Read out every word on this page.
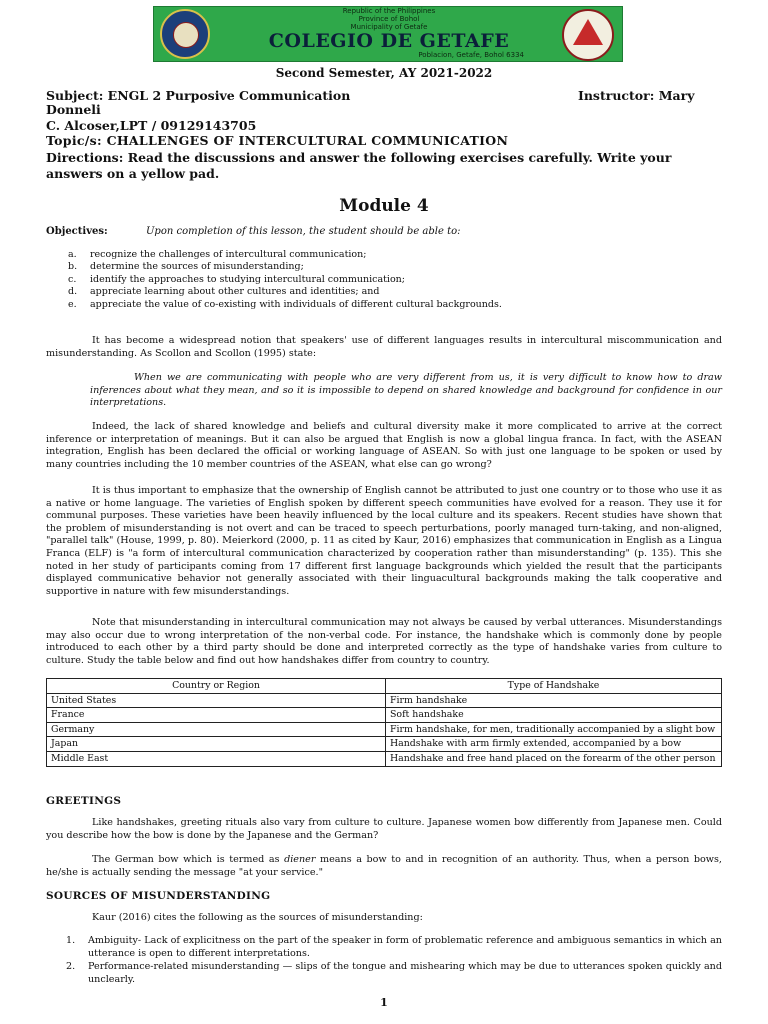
Republic of the Philippines
Province of Bohol
Municipality of Getafe
COLEGIO DE GETAFE
Poblacion, Getafe, Bohol 6334
Second Semester, AY 2021-2022
Subject: ENGL 2 Purposive Communication	Instructor: Mary
Donneli
C. Alcoser,LPT / 09129143705
Topic/s: CHALLENGES OF INTERCULTURAL COMMUNICATION
Directions: Read the discussions and answer the following exercises carefully. Write your answers on a yellow pad.
Module 4
Objectives:	Upon completion of this lesson, the student should be able to:
a. recognize the challenges of intercultural communication;
b. determine the sources of misunderstanding;
c. identify the approaches to studying intercultural communication;
d. appreciate learning about other cultures and identities; and
e. appreciate the value of co-existing with individuals of different cultural backgrounds.
It has become a widespread notion that speakers' use of different languages results in intercultural miscommunication and misunderstanding. As Scollon and Scollon (1995) state:
When we are communicating with people who are very different from us, it is very difficult to know how to draw inferences about what they mean, and so it is impossible to depend on shared knowledge and background for confidence in our interpretations.
Indeed, the lack of shared knowledge and beliefs and cultural diversity make it more complicated to arrive at the correct inference or interpretation of meanings. But it can also be argued that English is now a global lingua franca. In fact, with the ASEAN integration, English has been declared the official or working language of ASEAN. So with just one language to be spoken or used by many countries including the 10 member countries of the ASEAN, what else can go wrong?
It is thus important to emphasize that the ownership of English cannot be attributed to just one country or to those who use it as a native or home language. The varieties of English spoken by different speech communities have evolved for a reason. They use it for communal purposes. These varieties have been heavily influenced by the local culture and its speakers. Recent studies have shown that the problem of misunderstanding is not overt and can be traced to speech perturbations, poorly managed turn-taking, and non-aligned, "parallel talk" (House, 1999, p. 80). Meierkord (2000, p. 11 as cited by Kaur, 2016) emphasizes that communication in English as a Lingua Franca (ELF) is "a form of intercultural communication characterized by cooperation rather than misunderstanding" (p. 135). This she noted in her study of participants coming from 17 different first language backgrounds which yielded the result that the participants displayed communicative behavior not generally associated with their linguacultural backgrounds making the talk cooperative and supportive in nature with few misunderstandings.
Note that misunderstanding in intercultural communication may not always be caused by verbal utterances. Misunderstandings may also occur due to wrong interpretation of the non-verbal code. For instance, the handshake which is commonly done by people introduced to each other by a third party should be done and interpreted correctly as the type of handshake varies from culture to culture. Study the table below and find out how handshakes differ from country to country.
Country or Region	Type of Handshake
United States	Firm handshake
France	Soft handshake
Germany	Firm handshake, for men, traditionally accompanied by a slight bow
Japan	Handshake with arm firmly extended, accompanied by a bow
Middle East	Handshake and free hand placed on the forearm of the other person
GREETINGS
Like handshakes, greeting rituals also vary from culture to culture. Japanese women bow differently from Japanese men. Could you describe how the bow is done by the Japanese and the German?
The German bow which is termed as diener means a bow to and in recognition of an authority. Thus, when a person bows, he/she is actually sending the message "at your service."
SOURCES OF MISUNDERSTANDING
Kaur (2016) cites the following as the sources of misunderstanding:
1. Ambiguity- Lack of explicitness on the part of the speaker in form of problematic reference and ambiguous semantics in which an utterance is open to different interpretations.
2. Performance-related misunderstanding — slips of the tongue and mishearing which may be due to utterances spoken quickly and unclearly.
1
